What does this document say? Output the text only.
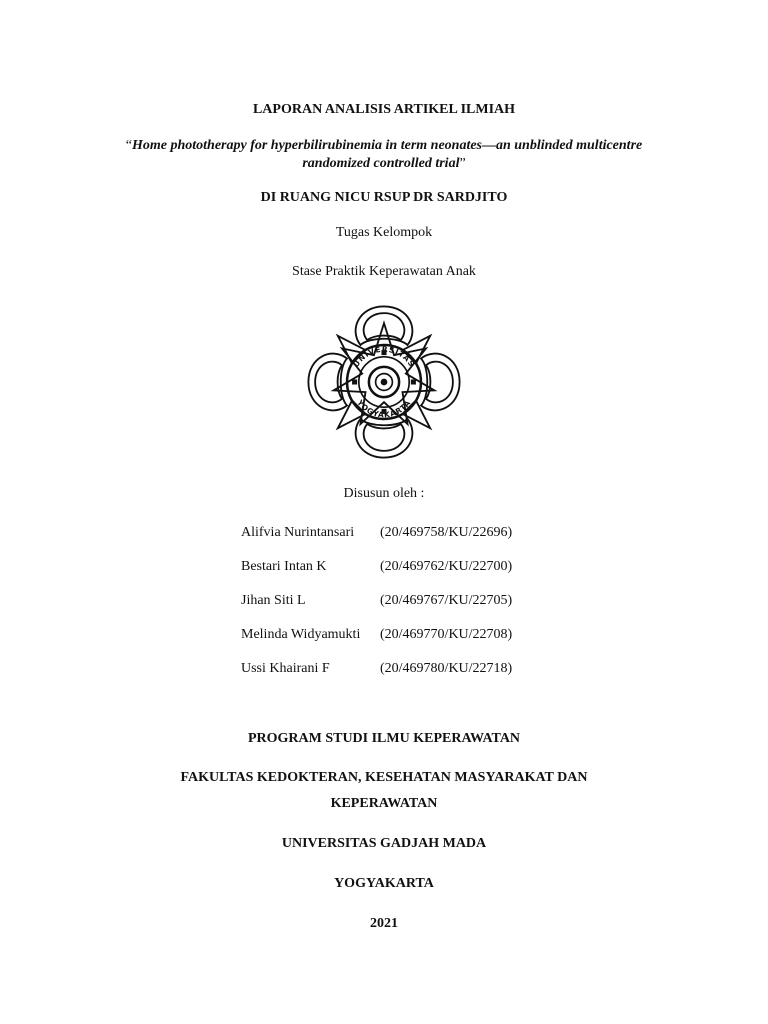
LAPORAN ANALISIS ARTIKEL ILMIAH
“Home phototherapy for hyperbilirubinemia in term neonates—an unblinded multicentre
randomized controlled trial”
DI RUANG NICU RSUP DR SARDJITO
Tugas Kelompok
Stase Praktik Keperawatan Anak
UNIVERSITAS
YOGYAKARTA
Disusun oleh :
Alifvia Nurintansari (20/469758/KU/22696)
Bestari Intan K	(20/469762/KU/22700)
Jihan Siti L	(20/469767/KU/22705)
Melinda Widyamukti (20/469770/KU/22708)
Ussi Khairani F	(20/469780/KU/22718)
PROGRAM STUDI ILMU KEPERAWATAN
FAKULTAS KEDOKTERAN, KESEHATAN MASYARAKAT DAN
KEPERAWATAN
UNIVERSITAS GADJAH MADA
YOGYAKARTA
2021
